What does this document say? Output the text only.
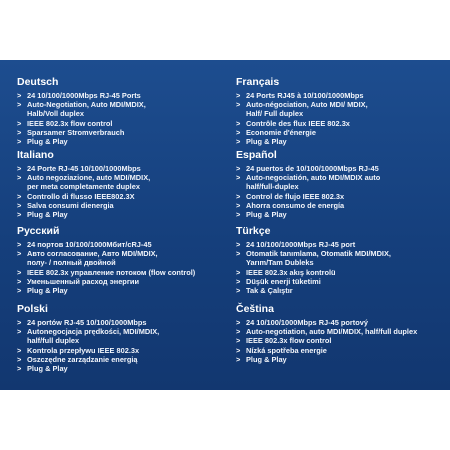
Deutsch
> 24 10/100/1000Mbps RJ-45 Ports
> Auto-Negotiation, Auto MDI/MDIX,
Halb/Voll duplex
> IEEE 802.3x flow control
> Sparsamer Stromverbrauch
> Plug & Play
Italiano
> 24 Porte RJ-45 10/100/1000Mbps
> Auto negoziazione, auto MDI/MDIX,
per meta completamente duplex
> Controllo di flusso IEEE802.3X
> Salva consumi dienergia
> Plug & Play
Русский
> 24 портов 10/100/1000Мбит/cRJ-45
> Авто согласование, Авто MDI/MDIX,
полу- / полный двойной
> IEEE 802.3x управление потоком (flow control)
> Уменьшенный расход энергии
> Plug & Play
Polski
> 24 portów RJ-45 10/100/1000Mbps
> Autonegocjacja prędkości, MDI/MDIX,
half/full duplex
> Kontrola przepływu IEEE 802.3x
> Oszczędne zarządzanie energią
> Plug & Play
Français
> 24 Ports RJ45 à 10/100/1000Mbps
> Auto-négociation, Auto MDI/ MDIX,
Half/ Full duplex
> Contrôle des flux IEEE 802.3x
> Economie d'énergie
> Plug & Play
Español
> 24 puertos de 10/100/1000Mbps RJ-45
> Auto-negociatión, auto MDI/MDIX auto
half/full-duplex
> Control de flujo IEEE 802.3x
> Ahorra consumo de energía
> Plug & Play
Türkçe
> 24 10/100/1000Mbps RJ-45 port
> Otomatik tanımlama, Otomatik MDI/MDIX,
Yarım/Tam Dubleks
> IEEE 802.3x akış kontrolü
> Düşük enerji tüketimi
> Tak & Çalıştır
Čeština
> 24 10/100/1000Mbps RJ-45 portový
> Auto-negotiation, auto MDI/MDIX, half/full duplex
> IEEE 802.3x flow control
> Nízká spotřeba energie
> Plug & Play
